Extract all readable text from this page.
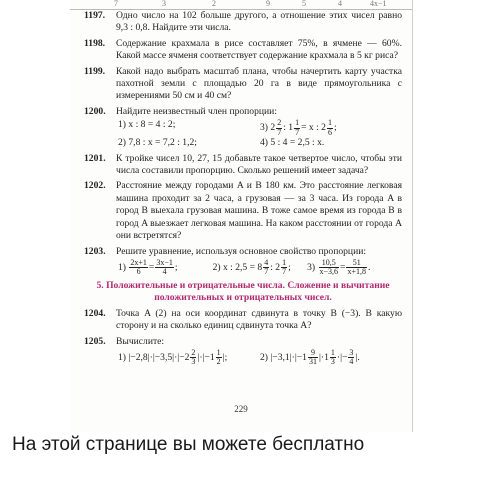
7	3	2	9	5	4	4x−1
1197. Одно число на 102 больше другого, а отношение этих чисел равно 9,3 : 0,8. Найдите эти числа.
1198. Содержание крахмала в рисе составляет 75%, в ячмене — 60%. Какой массе ячменя соответствует содержание крахмала в 5 кг риса?
1199. Какой надо выбрать масштаб плана, чтобы начертить карту участка пахотной земли с площадью 20 га в виде прямоугольника с измерениями 50 см и 40 см?
1200. Найдите неизвестный член пропорции:
1) x : 8 = 4 : 2;	3) $2 \frac{2}{7}$ : $1 \frac{1}{7} = x$ : $2 \frac{1}{6}$ ;
2) 7,8 : x = 7,2 : 1,2;	4) 5 : 4 = 2,5 : x.
1201. К тройке чисел 10, 27, 15 добавьте такое четвертое число, чтобы эти числа составили пропорцию. Сколько решений имеет задача?
1202. Расстояние между городами A и B 180 км. Это расстояние легковая машина проходит за 2 часа, а грузовая — за 3 часа. Из города A в город B выехала грузовая машина. В тоже самое время из города B в город A выезжает легковая машина. На каком расстоянии от города A они встретятся?
1203. Решите уравнение, используя основное свойство пропорции:
$1) \frac{2x+1}{6} = \frac{3x-1}{4}$ ;	2) x : $2,5 = 8 \frac{4}{7}$ : $2 \frac{1}{7}$ ;	$3) \frac{10,5}{x-3,6} = \frac{51}{x+1,8}$ .
5. Положительные и отрицательные числа. Сложение и вычитание положительных и отрицательных чисел.
1204. Точка A (2) на оси координат сдвинута в точку B (−3). В какую сторону и на сколько единиц сдвинута точка A?
1205. Вычислите:
1) $|-2,8|\cdot|-3,5|\cdot|-2 \frac{2}{3} |\cdot|-1 \frac{1}{2}$ |;	2) $|-3,1|\cdot|-1 \frac{9}{31} |\cdot 1 \frac{1}{3}$ ·|− $\frac{3}{4}$ |.
229
На этой странице вы можете бесплатно
